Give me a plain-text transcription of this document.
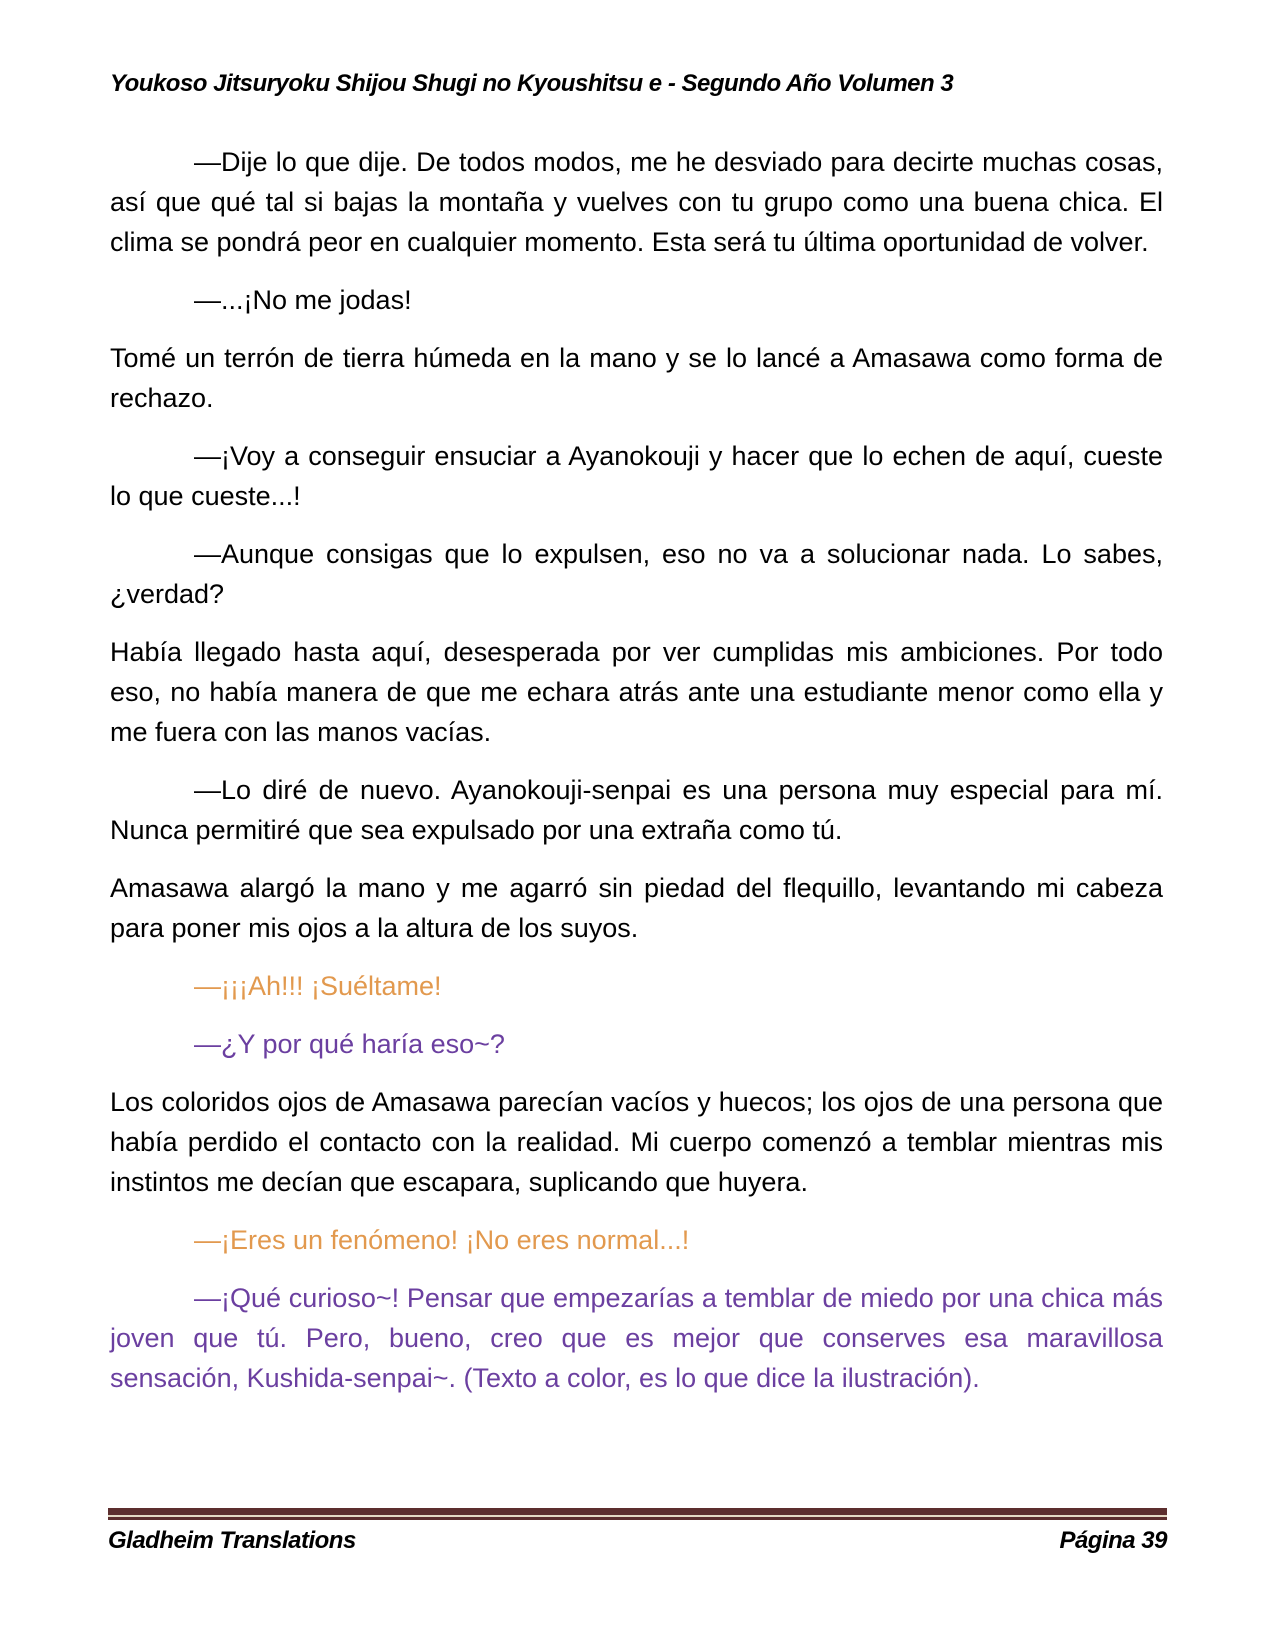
Youkoso Jitsuryoku Shijou Shugi no Kyoushitsu e - Segundo Año Volumen 3

—Dije lo que dije. De todos modos, me he desviado para decirte muchas cosas, así que qué tal si bajas la montaña y vuelves con tu grupo como una buena chica. El clima se pondrá peor en cualquier momento. Esta será tu última oportunidad de volver.

—...¡No me jodas!

Tomé un terrón de tierra húmeda en la mano y se lo lancé a Amasawa como forma de rechazo.

—¡Voy a conseguir ensuciar a Ayanokouji y hacer que lo echen de aquí, cueste lo que cueste...!

—Aunque consigas que lo expulsen, eso no va a solucionar nada. Lo sabes, ¿verdad?

Había llegado hasta aquí, desesperada por ver cumplidas mis ambiciones. Por todo eso, no había manera de que me echara atrás ante una estudiante menor como ella y me fuera con las manos vacías.

—Lo diré de nuevo. Ayanokouji-senpai es una persona muy especial para mí. Nunca permitiré que sea expulsado por una extraña como tú.

Amasawa alargó la mano y me agarró sin piedad del flequillo, levantando mi cabeza para poner mis ojos a la altura de los suyos.

—¡¡¡Ah!!! ¡Suéltame!

—¿Y por qué haría eso~?

Los coloridos ojos de Amasawa parecían vacíos y huecos; los ojos de una persona que había perdido el contacto con la realidad. Mi cuerpo comenzó a temblar mientras mis instintos me decían que escapara, suplicando que huyera.

—¡Eres un fenómeno! ¡No eres normal...!

—¡Qué curioso~! Pensar que empezarías a temblar de miedo por una chica más joven que tú. Pero, bueno, creo que es mejor que conserves esa maravillosa sensación, Kushida-senpai~. (Texto a color, es lo que dice la ilustración).

Gladheim Translations	Página 39
